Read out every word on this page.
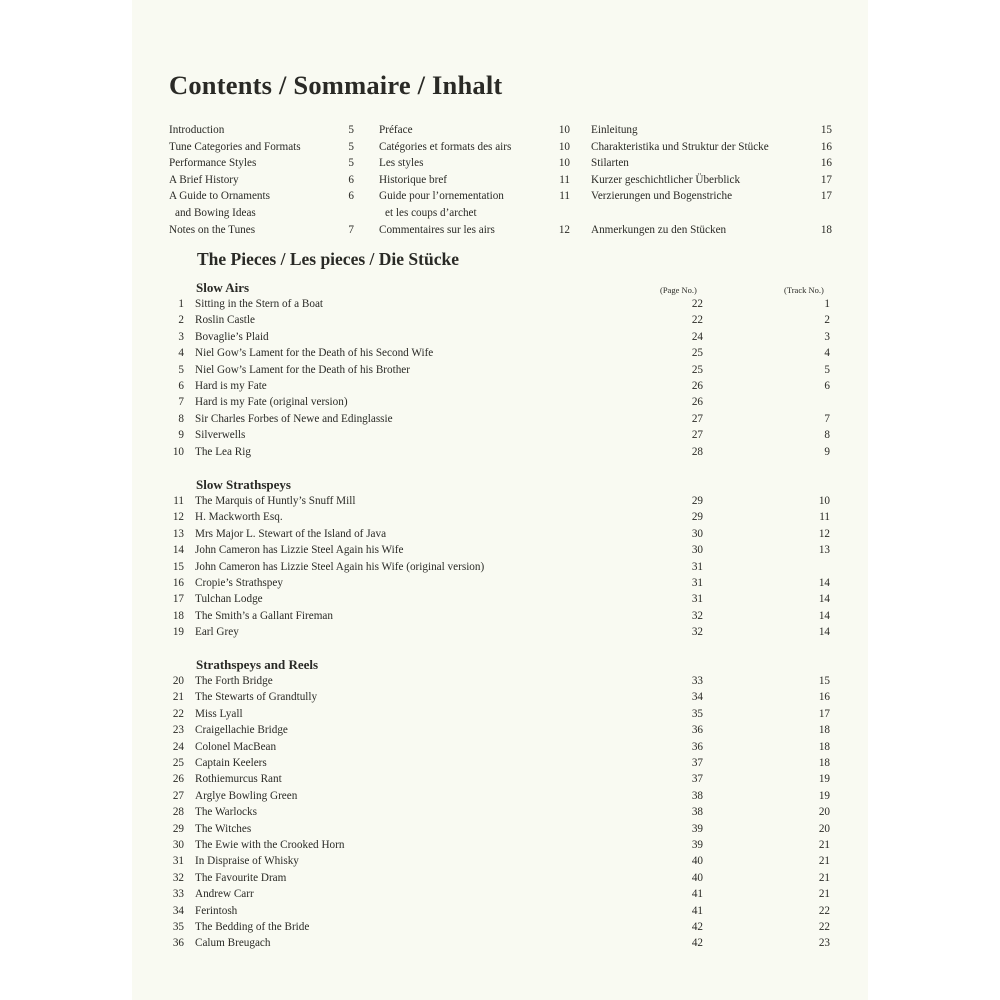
Contents / Sommaire / Inhalt
Introduction	5
Tune Categories and Formats	5
Performance Styles	5
A Brief History	6
A Guide to Ornaments	6
and Bowing Ideas
Notes on the Tunes	7
Préface	10
Catégories et formats des airs	10
Les styles	10
Historique bref	11
Guide pour l’ornementation	11
et les coups d’archet
Commentaires sur les airs	12
Einleitung	15
Charakteristika und Struktur der Stücke	16
Stilarten	16
Kurzer geschichtlicher Überblick	17
Verzierungen und Bogenstriche	17
Anmerkungen zu den Stücken	18
The Pieces / Les pieces / Die Stücke
(Page No.)	(Track No.)
Slow Airs
1 Sitting in the Stern of a Boat	22	1
2 Roslin Castle	22	2
3 Bovaglie’s Plaid	24	3
4 Niel Gow’s Lament for the Death of his Second Wife	25	4
5 Niel Gow’s Lament for the Death of his Brother	25	5
6 Hard is my Fate	26	6
7 Hard is my Fate (original version)	26
8 Sir Charles Forbes of Newe and Edinglassie	27	7
9 Silverwells	27	8
10 The Lea Rig	28	9
Slow Strathspeys
11 The Marquis of Huntly’s Snuff Mill	29	10
12 H. Mackworth Esq.	29	11
13 Mrs Major L. Stewart of the Island of Java	30	12
14 John Cameron has Lizzie Steel Again his Wife	30	13
15 John Cameron has Lizzie Steel Again his Wife (original version)	31
16 Cropie’s Strathspey	31	14
17 Tulchan Lodge	31	14
18 The Smith’s a Gallant Fireman	32	14
19 Earl Grey	32	14
Strathspeys and Reels
20 The Forth Bridge	33	15
21 The Stewarts of Grandtully	34	16
22 Miss Lyall	35	17
23 Craigellachie Bridge	36	18
24 Colonel MacBean	36	18
25 Captain Keelers	37	18
26 Rothiemurcus Rant	37	19
27 Arglye Bowling Green	38	19
28 The Warlocks	38	20
29 The Witches	39	20
30 The Ewie with the Crooked Horn	39	21
31 In Dispraise of Whisky	40	21
32 The Favourite Dram	40	21
33 Andrew Carr	41	21
34 Ferintosh	41	22
35 The Bedding of the Bride	42	22
36 Calum Breugach	42	23
